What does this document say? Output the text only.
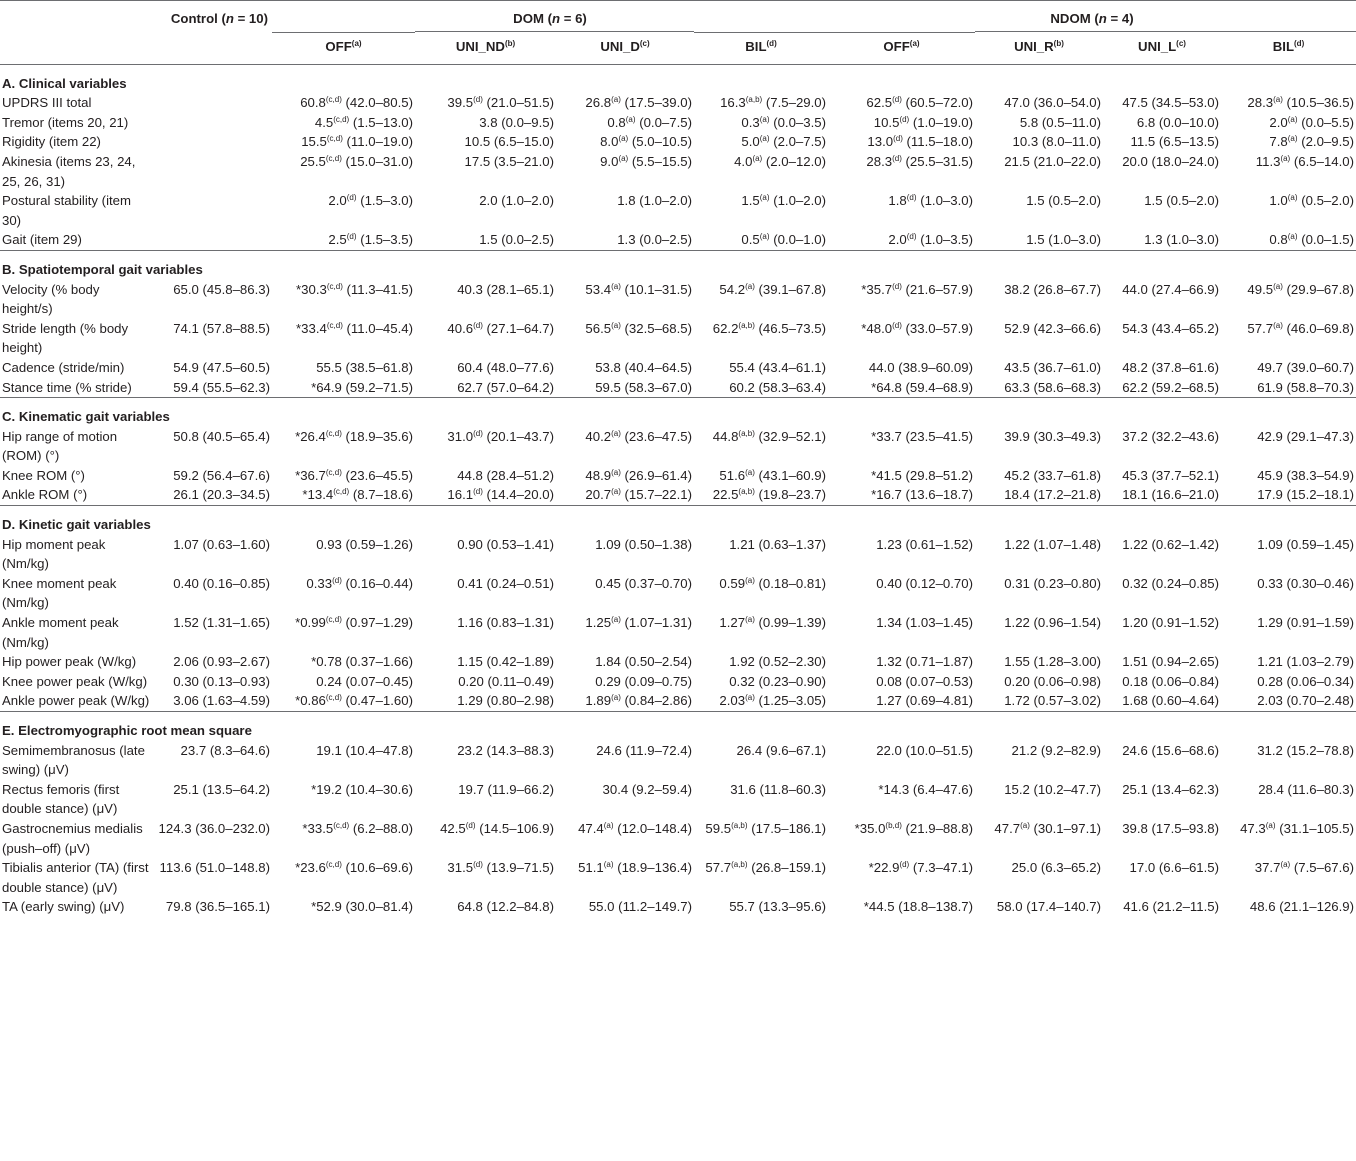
	Control (n = 10)	DOM (n = 6)				NDOM (n = 4)			
		OFF$^{(a)}$	UNI_ND$^{(b)}$	$UNI\_D^{(c)}$	BIL$^{(d)}$	OFF$^{(a)}$	$UNI\_R^{(b)}$	$UNI\_L^{(c)}$	BIL$^{(d)}$
A. Clinical variables									
UPDRS III total		60.8$^{(c,d)}$ (42.0–80.5)	39.5$^{(d)}$ (21.0–51.5)	26.8$^{(a)}$ (17.5–39.0)	16.3$^{(a,b)}$ (7.5–29.0)	62.5$^{(d)}$ (60.5–72.0)	47.0 (36.0–54.0)	47.5 (34.5–53.0)	28.3$^{(a)}$ (10.5–36.5)
Tremor (items 20, 21)		4.5$^{(c,d)}$ (1.5–13.0)	3.8 (0.0–9.5)	0.8$^{(a)}$ (0.0–7.5)	0.3$^{(a)}$ (0.0–3.5)	10.5$^{(d)}$ (1.0–19.0)	5.8 (0.5–11.0)	6.8 (0.0–10.0)	2.0$^{(a)}$ (0.0–5.5)
Rigidity (item 22)		15.5$^{(c,d)}$ (11.0–19.0)	10.5 (6.5–15.0)	8.0$^{(a)}$ (5.0–10.5)	5.0$^{(a)}$ (2.0–7.5)	13.0$^{(d)}$ (11.5–18.0)	10.3 (8.0–11.0)	11.5 (6.5–13.5)	7.8$^{(a)}$ (2.0–9.5)
Akinesia (items 23, 24, 25, 26, 31)		25.5$^{(c,d)}$ (15.0–31.0)	17.5 (3.5–21.0)	9.0$^{(a)}$ (5.5–15.5)	4.0$^{(a)}$ (2.0–12.0)	28.3$^{(d)}$ (25.5–31.5)	21.5 (21.0–22.0)	20.0 (18.0–24.0)	11.3$^{(a)}$ (6.5–14.0)
Postural stability (item 30)		2.0$^{(d)}$ (1.5–3.0)	2.0 (1.0–2.0)	1.8 (1.0–2.0)	1.5$^{(a)}$ (1.0–2.0)	1.8$^{(d)}$ (1.0–3.0)	1.5 (0.5–2.0)	1.5 (0.5–2.0)	1.0$^{(a)}$ (0.5–2.0)
Gait (item 29)		2.5$^{(d)}$ (1.5–3.5)	1.5 (0.0–2.5)	1.3 (0.0–2.5)	0.5$^{(a)}$ (0.0–1.0)	2.0$^{(d)}$ (1.0–3.5)	1.5 (1.0–3.0)	1.3 (1.0–3.0)	0.8$^{(a)}$ (0.0–1.5)
B. Spatiotemporal gait variables									
Velocity (% body height/s)	65.0 (45.8–86.3)	*30.3$^{(c,d)}$ (11.3–41.5)	40.3 (28.1–65.1)	53.4$^{(a)}$ (10.1–31.5)	54.2$^{(a)}$ (39.1–67.8)	*35.7$^{(d)}$ (21.6–57.9)	38.2 (26.8–67.7)	44.0 (27.4–66.9)	49.5$^{(a)}$ (29.9–67.8)
Stride length (% body height)	74.1 (57.8–88.5)	*33.4$^{(c,d)}$ (11.0–45.4)	40.6$^{(d)}$ (27.1–64.7)	56.5$^{(a)}$ (32.5–68.5)	62.2$^{(a,b)}$ (46.5–73.5)	*48.0$^{(d)}$ (33.0–57.9)	52.9 (42.3–66.6)	54.3 (43.4–65.2)	57.7$^{(a)}$ (46.0–69.8)
Cadence (stride/min)	54.9 (47.5–60.5)	55.5 (38.5–61.8)	60.4 (48.0–77.6)	53.8 (40.4–64.5)	55.4 (43.4–61.1)	44.0 (38.9–60.09)	43.5 (36.7–61.0)	48.2 (37.8–61.6)	49.7 (39.0–60.7)
Stance time (% stride)	59.4 (55.5–62.3)	*64.9 (59.2–71.5)	62.7 (57.0–64.2)	59.5 (58.3–67.0)	60.2 (58.3–63.4)	*64.8 (59.4–68.9)	63.3 (58.6–68.3)	62.2 (59.2–68.5)	61.9 (58.8–70.3)
C. Kinematic gait variables									
Hip range of motion (ROM) (°)	50.8 (40.5–65.4)	*26.4$^{(c,d)}$ (18.9–35.6)	31.0$^{(d)}$ (20.1–43.7)	40.2$^{(a)}$ (23.6–47.5)	44.8$^{(a,b)}$ (32.9–52.1)	*33.7 (23.5–41.5)	39.9 (30.3–49.3)	37.2 (32.2–43.6)	42.9 (29.1–47.3)
Knee ROM (°)	59.2 (56.4–67.6)	*36.7$^{(c,d)}$ (23.6–45.5)	44.8 (28.4–51.2)	48.9$^{(a)}$ (26.9–61.4)	51.6$^{(a)}$ (43.1–60.9)	*41.5 (29.8–51.2)	45.2 (33.7–61.8)	45.3 (37.7–52.1)	45.9 (38.3–54.9)
Ankle ROM (°)	26.1 (20.3–34.5)	*13.4$^{(c,d)}$ (8.7–18.6)	16.1$^{(d)}$ (14.4–20.0)	20.7$^{(a)}$ (15.7–22.1)	22.5$^{(a,b)}$ (19.8–23.7)	*16.7 (13.6–18.7)	18.4 (17.2–21.8)	18.1 (16.6–21.0)	17.9 (15.2–18.1)
D. Kinetic gait variables									
Hip moment peak (Nm/kg)	1.07 (0.63–1.60)	0.93 (0.59–1.26)	0.90 (0.53–1.41)	1.09 (0.50–1.38)	1.21 (0.63–1.37)	1.23 (0.61–1.52)	1.22 (1.07–1.48)	1.22 (0.62–1.42)	1.09 (0.59–1.45)
Knee moment peak (Nm/kg)	0.40 (0.16–0.85)	0.33$^{(d)}$ (0.16–0.44)	0.41 (0.24–0.51)	0.45 (0.37–0.70)	0.59$^{(a)}$ (0.18–0.81)	0.40 (0.12–0.70)	0.31 (0.23–0.80)	0.32 (0.24–0.85)	0.33 (0.30–0.46)
Ankle moment peak (Nm/kg)	1.52 (1.31–1.65)	*0.99$^{(c,d)}$ (0.97–1.29)	1.16 (0.83–1.31)	1.25$^{(a)}$ (1.07–1.31)	1.27$^{(a)}$ (0.99–1.39)	1.34 (1.03–1.45)	1.22 (0.96–1.54)	1.20 (0.91–1.52)	1.29 (0.91–1.59)
Hip power peak (W/kg)	2.06 (0.93–2.67)	*0.78 (0.37–1.66)	1.15 (0.42–1.89)	1.84 (0.50–2.54)	1.92 (0.52–2.30)	1.32 (0.71–1.87)	1.55 (1.28–3.00)	1.51 (0.94–2.65)	1.21 (1.03–2.79)
Knee power peak (W/kg)	0.30 (0.13–0.93)	0.24 (0.07–0.45)	0.20 (0.11–0.49)	0.29 (0.09–0.75)	0.32 (0.23–0.90)	0.08 (0.07–0.53)	0.20 (0.06–0.98)	0.18 (0.06–0.84)	0.28 (0.06–0.34)
Ankle power peak (W/kg)	3.06 (1.63–4.59)	*0.86$^{(c,d)}$ (0.47–1.60)	1.29 (0.80–2.98)	1.89$^{(a)}$ (0.84–2.86)	2.03$^{(a)}$ (1.25–3.05)	1.27 (0.69–4.81)	1.72 (0.57–3.02)	1.68 (0.60–4.64)	2.03 (0.70–2.48)
E. Electromyographic root mean square									
Semimembranosus (late swing) (μV)	23.7 (8.3–64.6)	19.1 (10.4–47.8)	23.2 (14.3–88.3)	24.6 (11.9–72.4)	26.4 (9.6–67.1)	22.0 (10.0–51.5)	21.2 (9.2–82.9)	24.6 (15.6–68.6)	31.2 (15.2–78.8)
Rectus femoris (first double stance) (μV)	25.1 (13.5–64.2)	*19.2 (10.4–30.6)	19.7 (11.9–66.2)	30.4 (9.2–59.4)	31.6 (11.8–60.3)	*14.3 (6.4–47.6)	15.2 (10.2–47.7)	25.1 (13.4–62.3)	28.4 (11.6–80.3)
Gastrocnemius medialis (push–off) (μV)	124.3 (36.0–232.0)	*33.5$^{(c,d)}$ (6.2–88.0)	42.5$^{(d)}$ (14.5–106.9)	47.4$^{(a)}$ (12.0–148.4)	59.5$^{(a,b)}$ (17.5–186.1)	*35.0$^{(b,d)}$ (21.9–88.8)	47.7$^{(a)}$ (30.1–97.1)	39.8 (17.5–93.8)	47.3$^{(a)}$ (31.1–105.5)
Tibialis anterior (TA) (first double stance) (μV)	113.6 (51.0–148.8)	*23.6$^{(c,d)}$ (10.6–69.6)	31.5$^{(d)}$ (13.9–71.5)	51.1$^{(a)}$ (18.9–136.4)	57.7$^{(a,b)}$ (26.8–159.1)	*22.9$^{(d)}$ (7.3–47.1)	25.0 (6.3–65.2)	17.0 (6.6–61.5)	37.7$^{(a)}$ (7.5–67.6)
TA (early swing) (μV)	79.8 (36.5–165.1)	*52.9 (30.0–81.4)	64.8 (12.2–84.8)	55.0 (11.2–149.7)	55.7 (13.3–95.6)	*44.5 (18.8–138.7)	58.0 (17.4–140.7)	41.6 (21.2–11.5)	48.6 (21.1–126.9)
